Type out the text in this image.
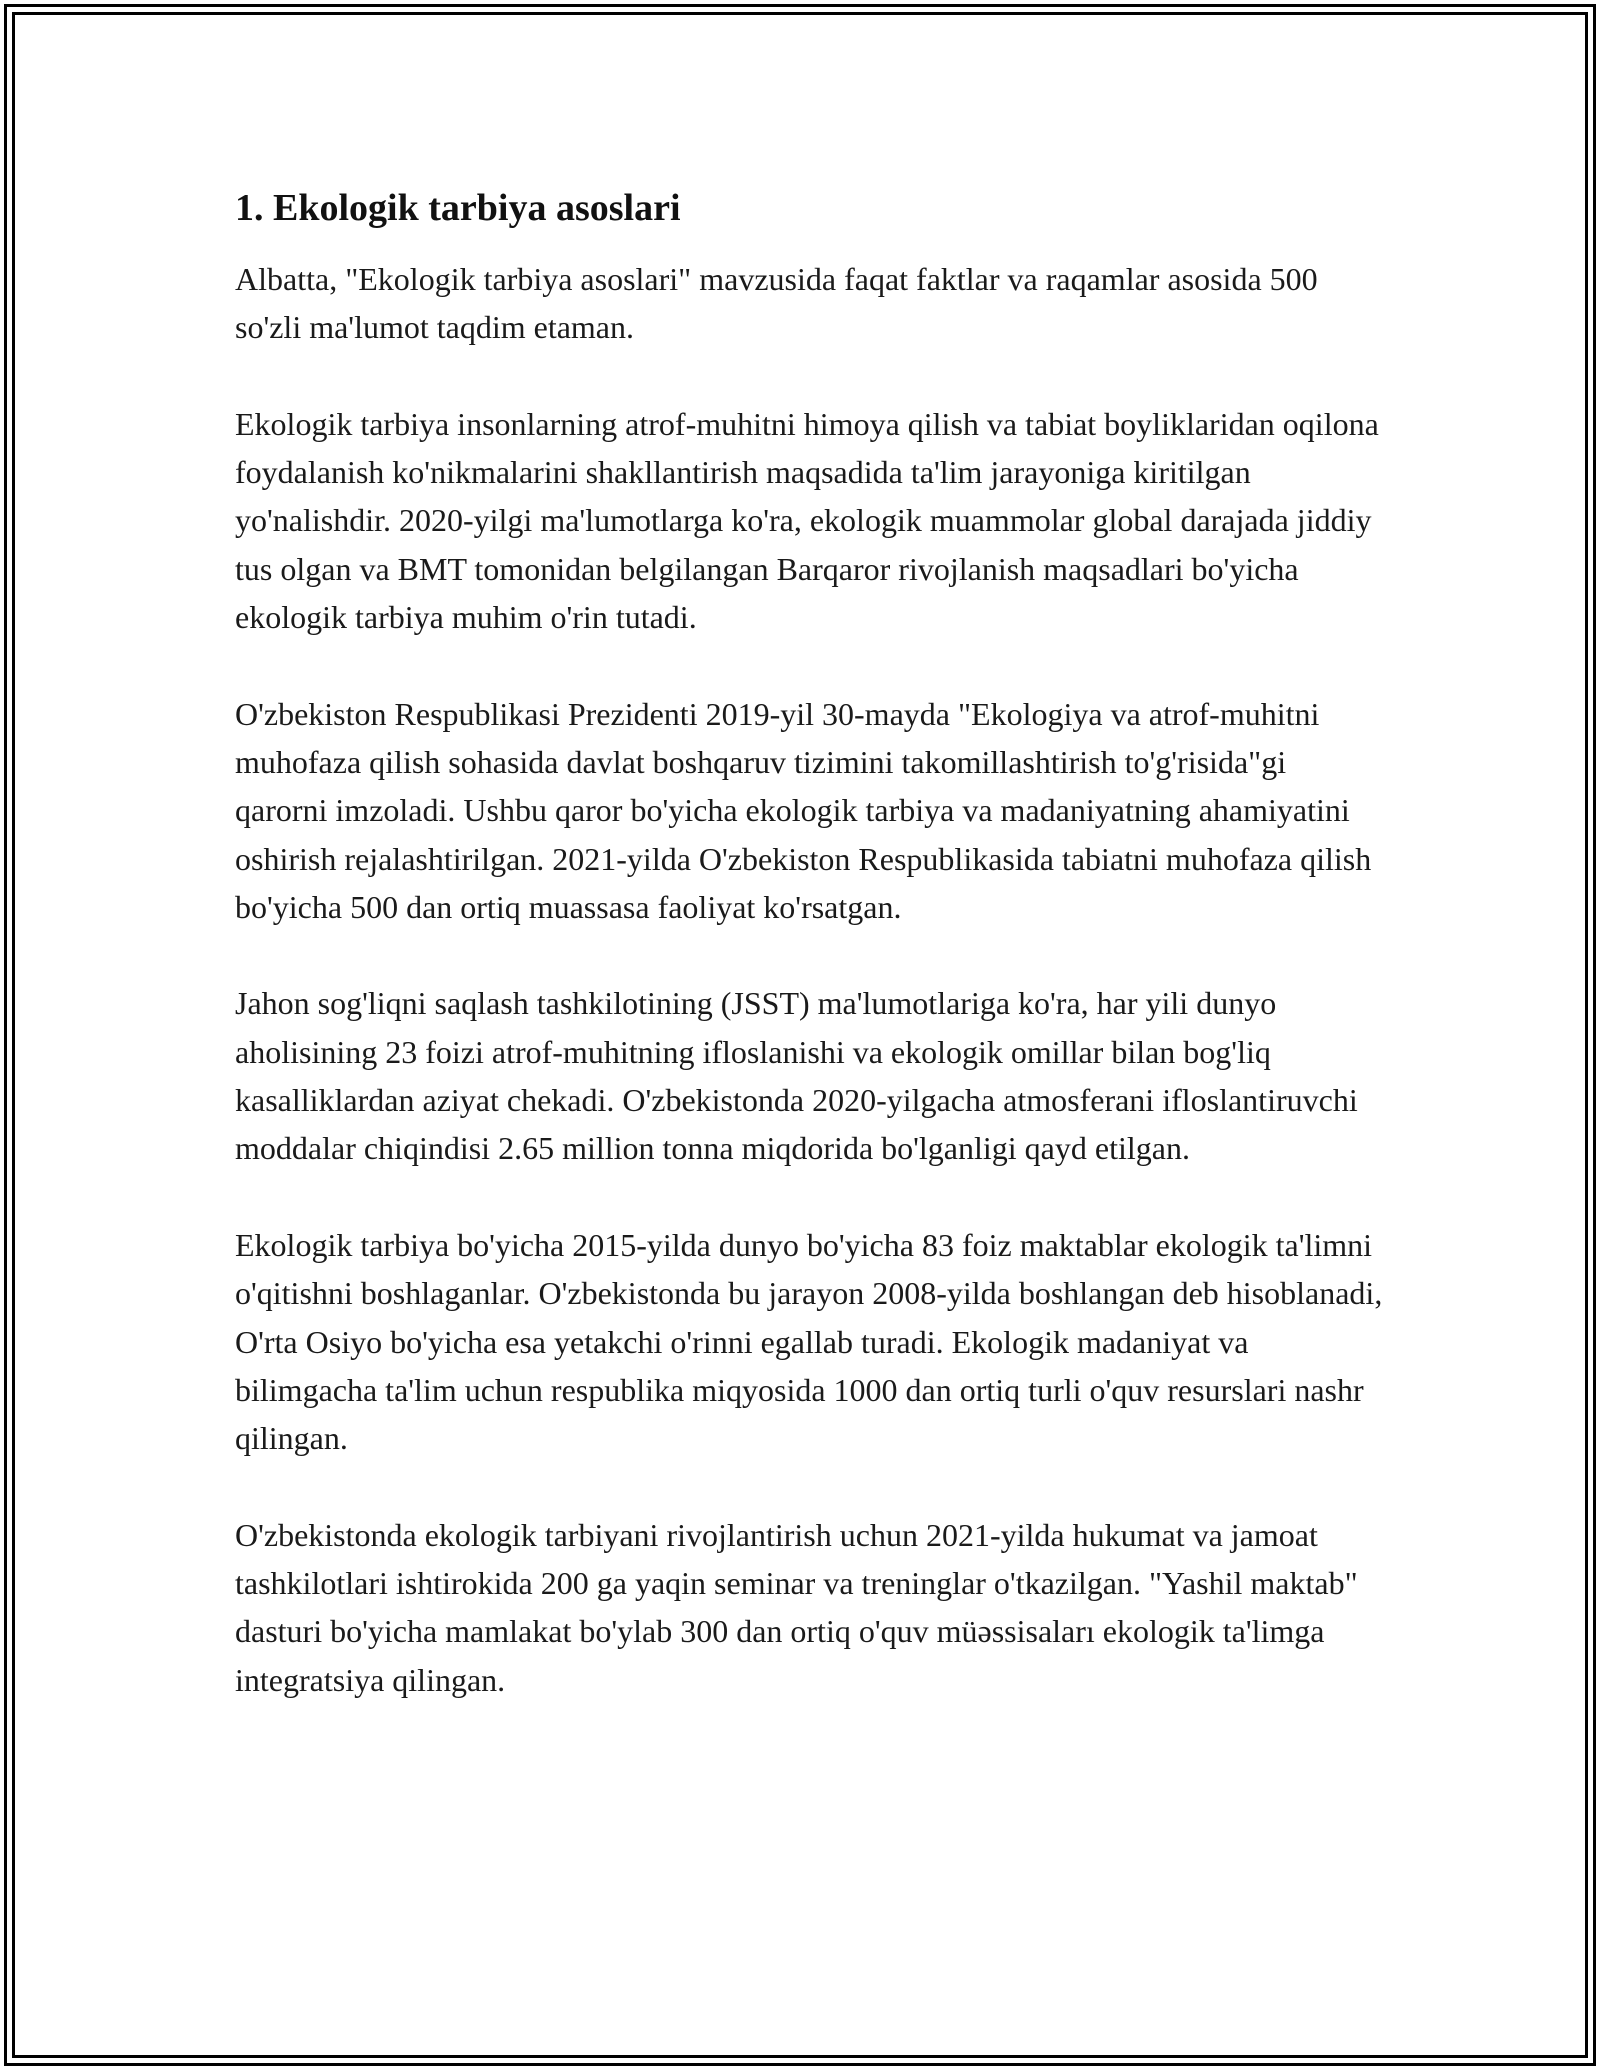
1. Ekologik tarbiya asoslari

Albatta, "Ekologik tarbiya asoslari" mavzusida faqat faktlar va raqamlar asosida 500 so'zli ma'lumot taqdim etaman.

Ekologik tarbiya insonlarning atrof-muhitni himoya qilish va tabiat boyliklaridan oqilona foydalanish ko'nikmalarini shakllantirish maqsadida ta'lim jarayoniga kiritilgan yo'nalishdir. 2020-yilgi ma'lumotlarga ko'ra, ekologik muammolar global darajada jiddiy tus olgan va BMT tomonidan belgilangan Barqaror rivojlanish maqsadlari bo'yicha ekologik tarbiya muhim o'rin tutadi.

O'zbekiston Respublikasi Prezidenti 2019-yil 30-mayda "Ekologiya va atrof-muhitni muhofaza qilish sohasida davlat boshqaruv tizimini takomillashtirish to'g'risida"gi qarorni imzoladi. Ushbu qaror bo'yicha ekologik tarbiya va madaniyatning ahamiyatini oshirish rejalashtirilgan. 2021-yilda O'zbekiston Respublikasida tabiatni muhofaza qilish bo'yicha 500 dan ortiq muassasa faoliyat ko'rsatgan.

Jahon sog'liqni saqlash tashkilotining (JSST) ma'lumotlariga ko'ra, har yili dunyo aholisining 23 foizi atrof-muhitning ifloslanishi va ekologik omillar bilan bog'liq kasalliklardan aziyat chekadi. O'zbekistonda 2020-yilgacha atmosferani ifloslantiruvchi moddalar chiqindisi 2.65 million tonna miqdorida bo'lganligi qayd etilgan.

Ekologik tarbiya bo'yicha 2015-yilda dunyo bo'yicha 83 foiz maktablar ekologik ta'limni o'qitishni boshlaganlar. O'zbekistonda bu jarayon 2008-yilda boshlangan deb hisoblanadi, O'rta Osiyo bo'yicha esa yetakchi o'rinni egallab turadi. Ekologik madaniyat va bilimgacha ta'lim uchun respublika miqyosida 1000 dan ortiq turli o'quv resurslari nashr qilingan.

O'zbekistonda ekologik tarbiyani rivojlantirish uchun 2021-yilda hukumat va jamoat tashkilotlari ishtirokida 200 ga yaqin seminar va treninglar o'tkazilgan. "Yashil maktab" dasturi bo'yicha mamlakat bo'ylab 300 dan ortiq o'quv müəssisaları ekologik ta'limga integratsiya qilingan.
